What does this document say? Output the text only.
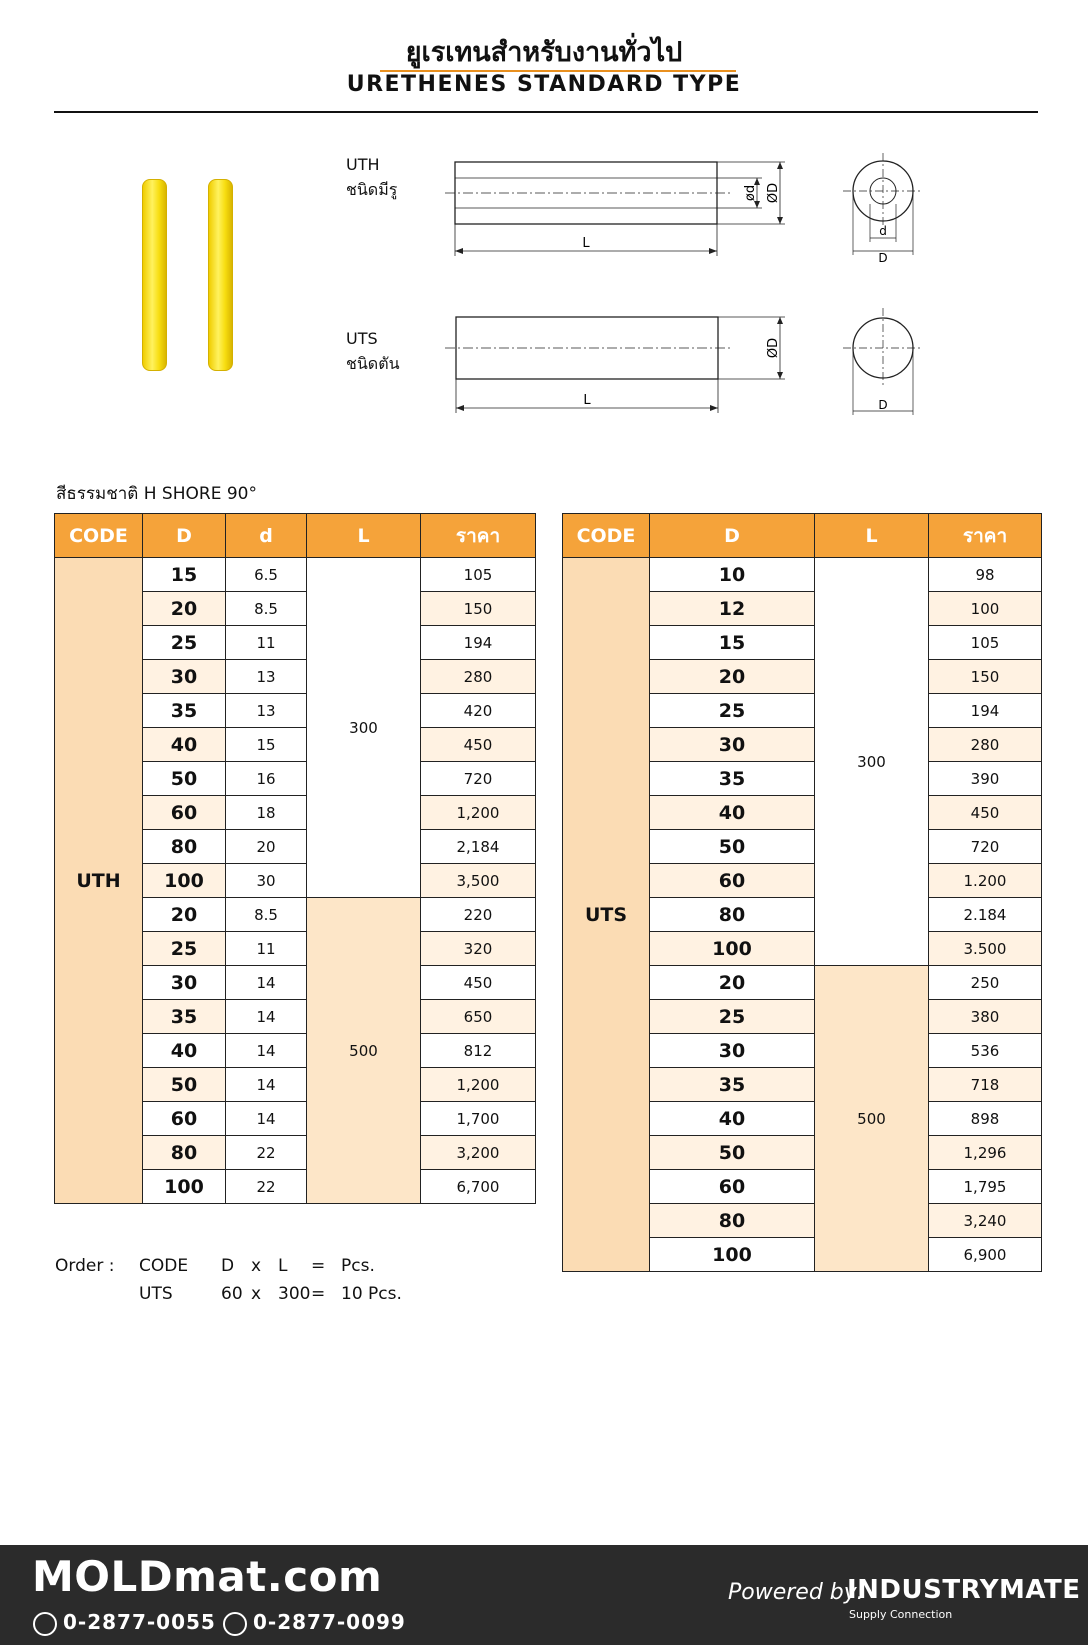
ยูเรเทนสำหรับงานทั่วไป
URETHENES STANDARD TYPE
UTH
ชนิดมีรู
L
ød ØD
d
D
UTS
ชนิดตัน
L
ØD
D
สีธรรมชาติ H SHORE 90°
CODE	D	d	L	ราคา
UTH	15	6.5	300	105
	20	8.5		150
	25	11		194
	30	13		280
	35	13		420
	40	15		450
	50	16		720
	60	18		1,200
	80	20		2,184
	100	30		3,500
	20	8.5	500	220
	25	11		320
	30	14		450
	35	14		650
	40	14		812
	50	14		1,200
	60	14		1,700
	80	22		3,200
	100	22		6,700
CODE	D	L	ราคา
UTS	10	300	98
	12		100
	15		105
	20		150
	25		194
	30		280
	35		390
	40		450
	50		720
	60		1.200
	80		2.184
	100		3.500
	20	500	250
	25		380
	30		536
	35		718
	40		898
	50		1,296
	60		1,795
	80		3,240
	100		6,900
Order :	CODE	D	x	L	=	Pcs.
	UTS	60	x	300	=	10 Pcs.
MOLDmat.com
0-2877-0055	0-2877-0099
Powered by:
INDUSTRYMATE
Supply Connection
